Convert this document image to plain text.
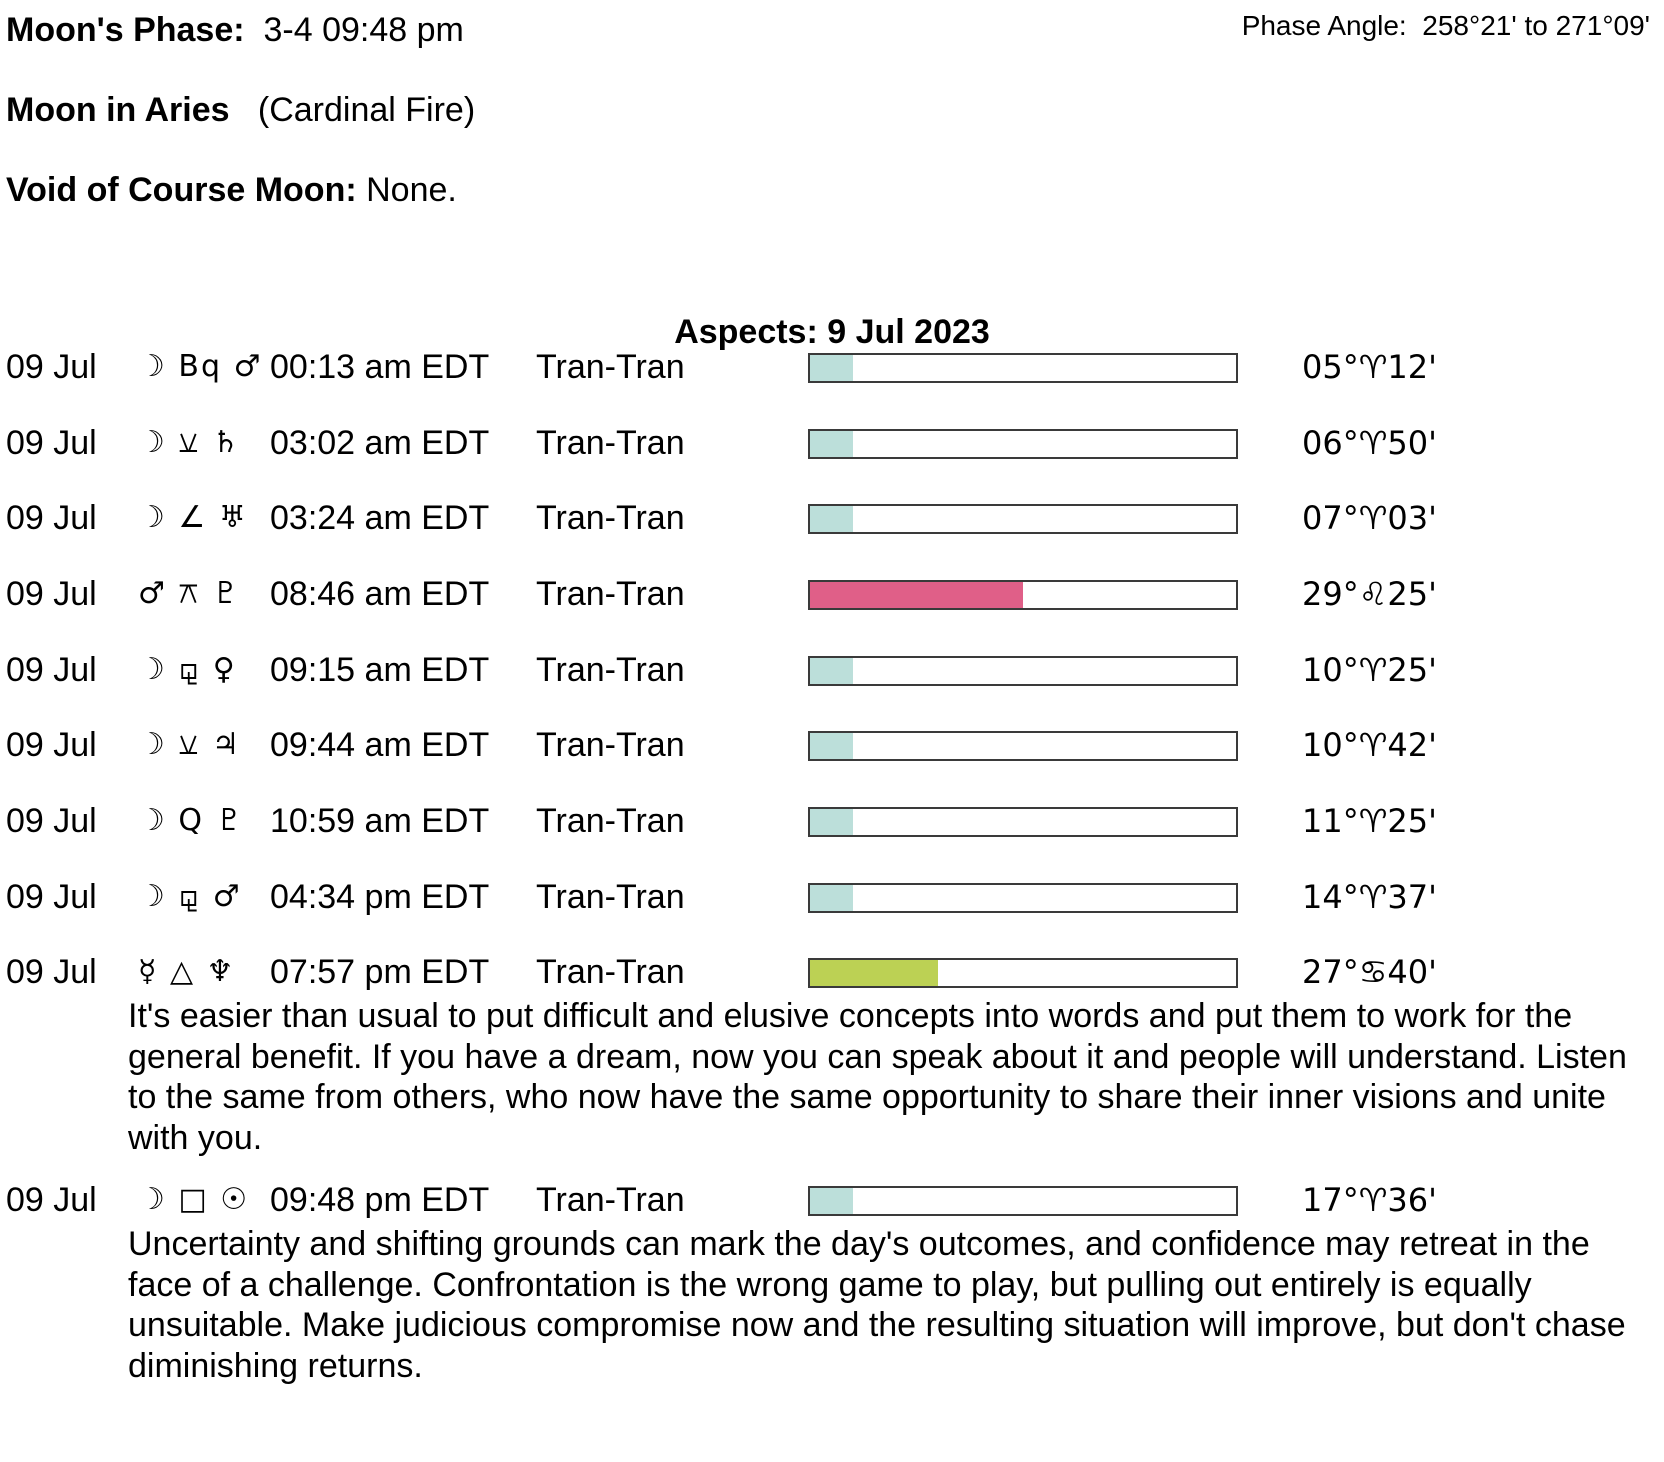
Moon's Phase: 3-4 09:48 pm	Phase Angle: 258°21' to 271°09'
Moon in Aries (Cardinal Fire)
Void of Course Moon: None.
Aspects: 9 Jul 2023
09 Jul ☽ Bq ♂ 00:13 am EDT Tran-Tran	05°♈12'
09 Jul ☽ ⚺ ♄ 03:02 am EDT Tran-Tran	06°♈50'
09 Jul ☽ ∠ ♅ 03:24 am EDT Tran-Tran	07°♈03'
09 Jul ♂ ⚻ ♇ 08:46 am EDT Tran-Tran	29°♌25'
09 Jul ☽ ⚼ ♀ 09:15 am EDT Tran-Tran	10°♈25'
09 Jul ☽ ⚺ ♃ 09:44 am EDT Tran-Tran	10°♈42'
09 Jul ☽ Q ♇ 10:59 am EDT Tran-Tran	11°♈25'
09 Jul ☽ ⚼ ♂ 04:34 pm EDT Tran-Tran	14°♈37'
09 Jul ☿ △ ♆	07:57 pm EDT Tran-Tran	27°♋40'
It's easier than usual to put difficult and elusive concepts into words and put them to work for the general benefit. If you have a dream, now you can speak about it and people will understand. Listen to the same from others, who now have the same opportunity to share their inner visions and unite with you.
09 Jul ☽ □ ☉ 09:48 pm EDT Tran-Tran	17°♈36'
Uncertainty and shifting grounds can mark the day's outcomes, and confidence may retreat in the face of a challenge. Confrontation is the wrong game to play, but pulling out entirely is equally unsuitable. Make judicious compromise now and the resulting situation will improve, but don't chase diminishing returns.
